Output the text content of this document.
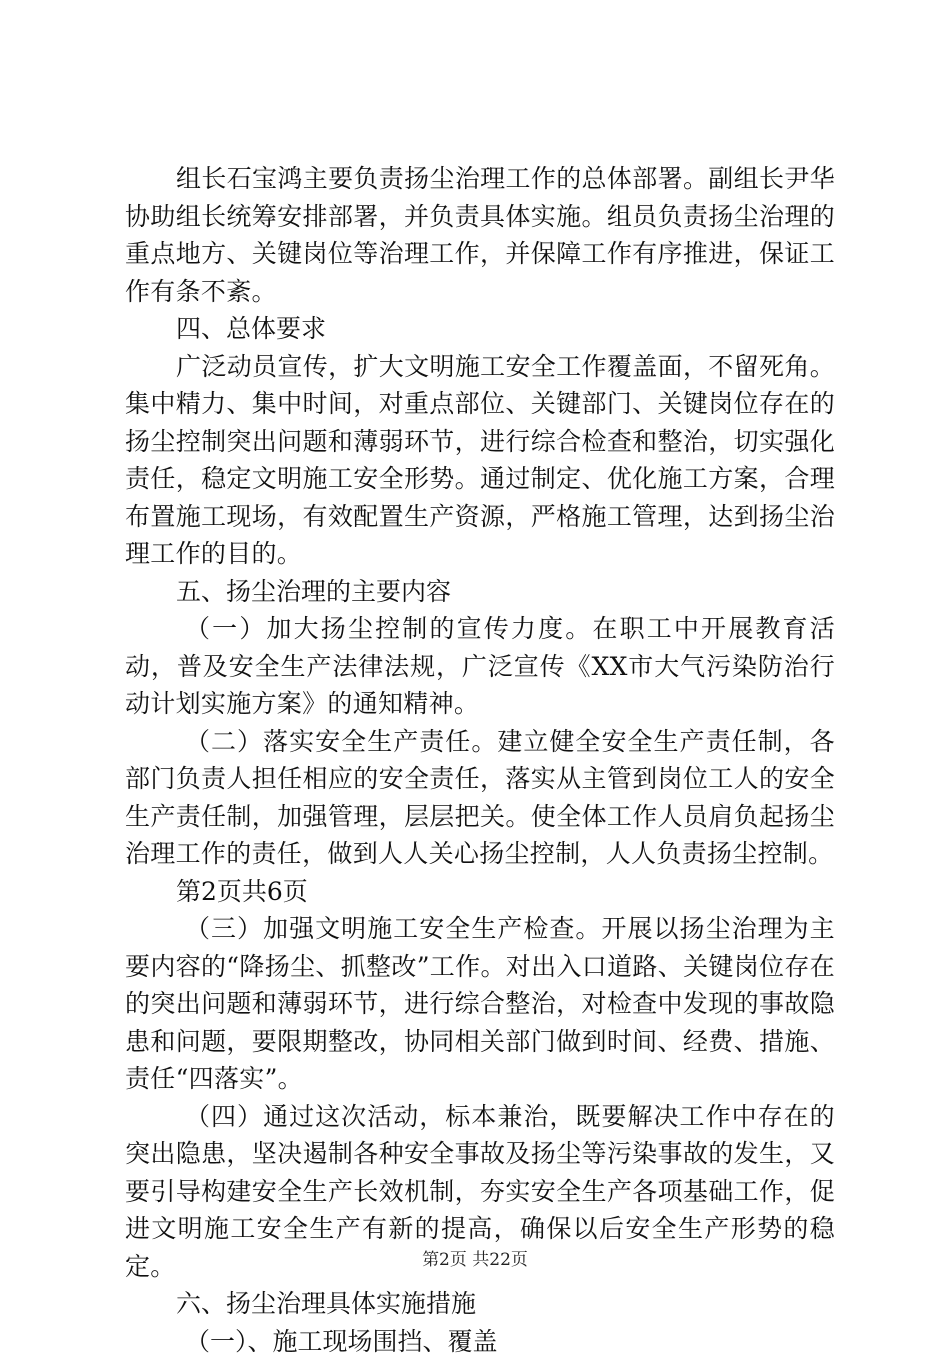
组长石宝鸿主要负责扬尘治理工作的总体部署。副组长尹华协助组长统筹安排部署，并负责具体实施。组员负责扬尘治理的重点地方、关键岗位等治理工作，并保障工作有序推进，保证工作有条不紊。

四、总体要求

广泛动员宣传，扩大文明施工安全工作覆盖面，不留死角。集中精力、集中时间，对重点部位、关键部门、关键岗位存在的扬尘控制突出问题和薄弱环节，进行综合检查和整治，切实强化责任，稳定文明施工安全形势。通过制定、优化施工方案，合理布置施工现场，有效配置生产资源，严格施工管理，达到扬尘治理工作的目的。

五、扬尘治理的主要内容

（一）加大扬尘控制的宣传力度。在职工中开展教育活动，普及安全生产法律法规，广泛宣传《XX市大气污染防治行动计划实施方案》的通知精神。

（二）落实安全生产责任。建立健全安全生产责任制，各部门负责人担任相应的安全责任，落实从主管到岗位工人的安全生产责任制，加强管理，层层把关。使全体工作人员肩负起扬尘治理工作的责任，做到人人关心扬尘控制，人人负责扬尘控制。

第2页共6页

（三）加强文明施工安全生产检查。开展以扬尘治理为主要内容的“降扬尘、抓整改”工作。对出入口道路、关键岗位存在的突出问题和薄弱环节，进行综合整治，对检查中发现的事故隐患和问题，要限期整改，协同相关部门做到时间、经费、措施、责任“四落实”。

（四）通过这次活动，标本兼治，既要解决工作中存在的突出隐患，坚决遏制各种安全事故及扬尘等污染事故的发生，又要引导构建安全生产长效机制，夯实安全生产各项基础工作，促进文明施工安全生产有新的提高，确保以后安全生产形势的稳定。

六、扬尘治理具体实施措施

（一）、施工现场围挡、覆盖

第2页 共22页
